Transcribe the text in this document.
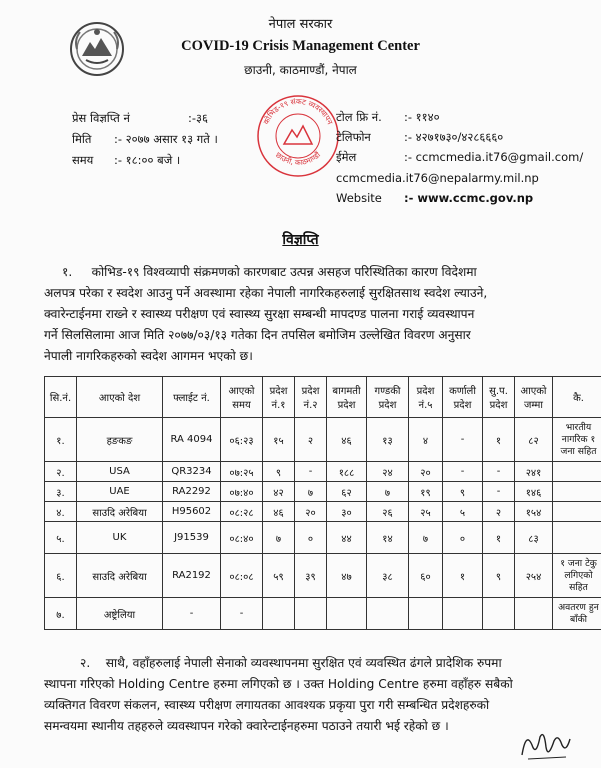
नेपाल सरकार
COVID-19 Crisis Management Center
छाउनी, काठमाण्डौं, नेपाल
प्रेस विज्ञप्ति नं	:-३६
मिति :- २०७७ असार १३ गते ।
समय :- १८:०० बजे ।
कोभिड-१९ संकट व्यवस्थापन
छाउनी, काठमाण्डौं
टोल फ्रि नं. :- ११४०
टेलिफोन	:- ४२७१७३०/४२८६६६०
ईमेल	:- ccmcmedia.it76@gmail.com/
ccmcmedia.it76@nepalarmy.mil.np
Website :- www.ccmc.gov.np
विज्ञप्ति
१. कोभिड-१९ विश्वव्यापी संक्रमणको कारणबाट उत्पन्न असहज परिस्थितिका कारण विदेशमा
अलपत्र परेका र स्वदेश आउनु पर्ने अवस्थामा रहेका नेपाली नागरिकहरुलाई सुरक्षितसाथ स्वदेश ल्याउने,
क्वारेन्टाईनमा राख्ने र स्वास्थ्य परीक्षण एवं स्वास्थ्य सुरक्षा सम्बन्धी मापदण्ड पालना गराई व्यवस्थापन
गर्ने सिलसिलामा आज मिति २०७७/०३/१३ गतेका दिन तपसिल बमोजिम उल्लेखित विवरण अनुसार
नेपाली नागरिकहरुको स्वदेश आगमन भएको छ।
सि.नं.	आएको देश	फ्लाईट नं.	आएको समय	प्रदेश नं.१	प्रदेश नं.२	बागमती प्रदेश	गण्डकी प्रदेश	प्रदेश नं.५	कर्णाली प्रदेश	सु.प. प्रदेश	आएको जम्मा	कै.
१.	हङकङ	RA 4094	०६:२३	१५	२	४६	१३	४	-	१	८२	भारतीय नागरिक १ जना सहित
२.	USA	QR3234	०७:२५	९	-	१८८	२४	२०	-	-	२४१	
३.	UAE	RA2292	०७:४०	४२	७	६२	७	१९	९	-	१४६	
४.	साउदि अरेबिया	H95602	०८:२८	४६	२०	३०	२६	२५	५	२	१५४	
५.	UK	J91539	०८:४०	७	०	४४	१४	७	०	१	८३	
६.	साउदि अरेबिया	RA2192	०८:०८	५९	३९	४७	३८	६०	१	९	२५४	१ जना टेकु लगिएको सहित
७.	अष्ट्रेलिया	-	-									अवतरण हुन बाँकी
२. साथै, वहाँहरुलाई नेपाली सेनाको व्यवस्थापनमा सुरक्षित एवं व्यवस्थित ढंगले प्रादेशिक रुपमा
स्थापना गरिएको Holding Centre हरुमा लगिएको छ । उक्त Holding Centre हरुमा वहाँहरु सबैको
व्यक्तिगत विवरण संकलन, स्वास्थ्य परीक्षण लगायतका आवश्यक प्रकृया पुरा गरी सम्बन्धित प्रदेशहरुको
समन्वयमा स्थानीय तहहरुले व्यवस्थापन गरेको क्वारेन्टाईनहरुमा पठाउने तयारी भई रहेको छ ।
